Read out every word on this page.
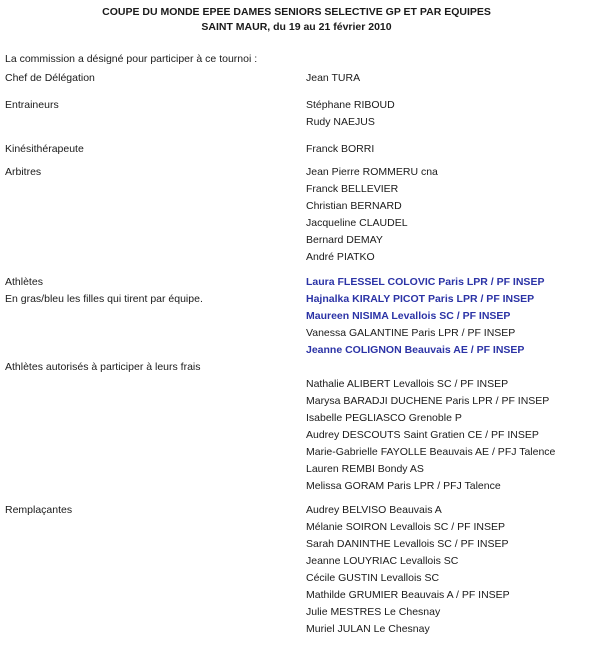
COUPE DU MONDE EPEE DAMES SENIORS SELECTIVE GP ET PAR EQUIPES
SAINT MAUR, du 19 au 21 février 2010
La commission a désigné pour participer à ce tournoi :
Chef de Délégation	Jean TURA
Entraineurs	Stéphane RIBOUD
Rudy NAEJUS
Kinésithérapeute	Franck BORRI
Arbitres	Jean Pierre ROMMERU cna
Franck BELLEVIER
Christian BERNARD
Jacqueline CLAUDEL
Bernard DEMAY
André PIATKO
Athlètes
En gras/bleu les filles qui tirent par équipe.
Laura FLESSEL COLOVIC Paris LPR / PF INSEP
Hajnalka KIRALY PICOT Paris LPR / PF INSEP
Maureen NISIMA Levallois SC / PF INSEP
Vanessa GALANTINE Paris LPR / PF INSEP
Jeanne COLIGNON Beauvais AE / PF INSEP
Athlètes autorisés à participer à leurs frais
Nathalie ALIBERT Levallois SC / PF INSEP
Marysa BARADJI DUCHENE Paris LPR / PF INSEP
Isabelle PEGLIASCO Grenoble P
Audrey DESCOUTS Saint Gratien CE / PF INSEP
Marie-Gabrielle FAYOLLE Beauvais AE / PFJ Talence
Lauren REMBI Bondy AS
Melissa GORAM Paris LPR / PFJ Talence
Remplaçantes	Audrey BELVISO Beauvais A
Mélanie SOIRON Levallois SC / PF INSEP
Sarah DANINTHE Levallois SC / PF INSEP
Jeanne LOUYRIAC Levallois SC
Cécile GUSTIN Levallois SC
Mathilde GRUMIER Beauvais A / PF INSEP
Julie MESTRES Le Chesnay
Muriel JULAN Le Chesnay
